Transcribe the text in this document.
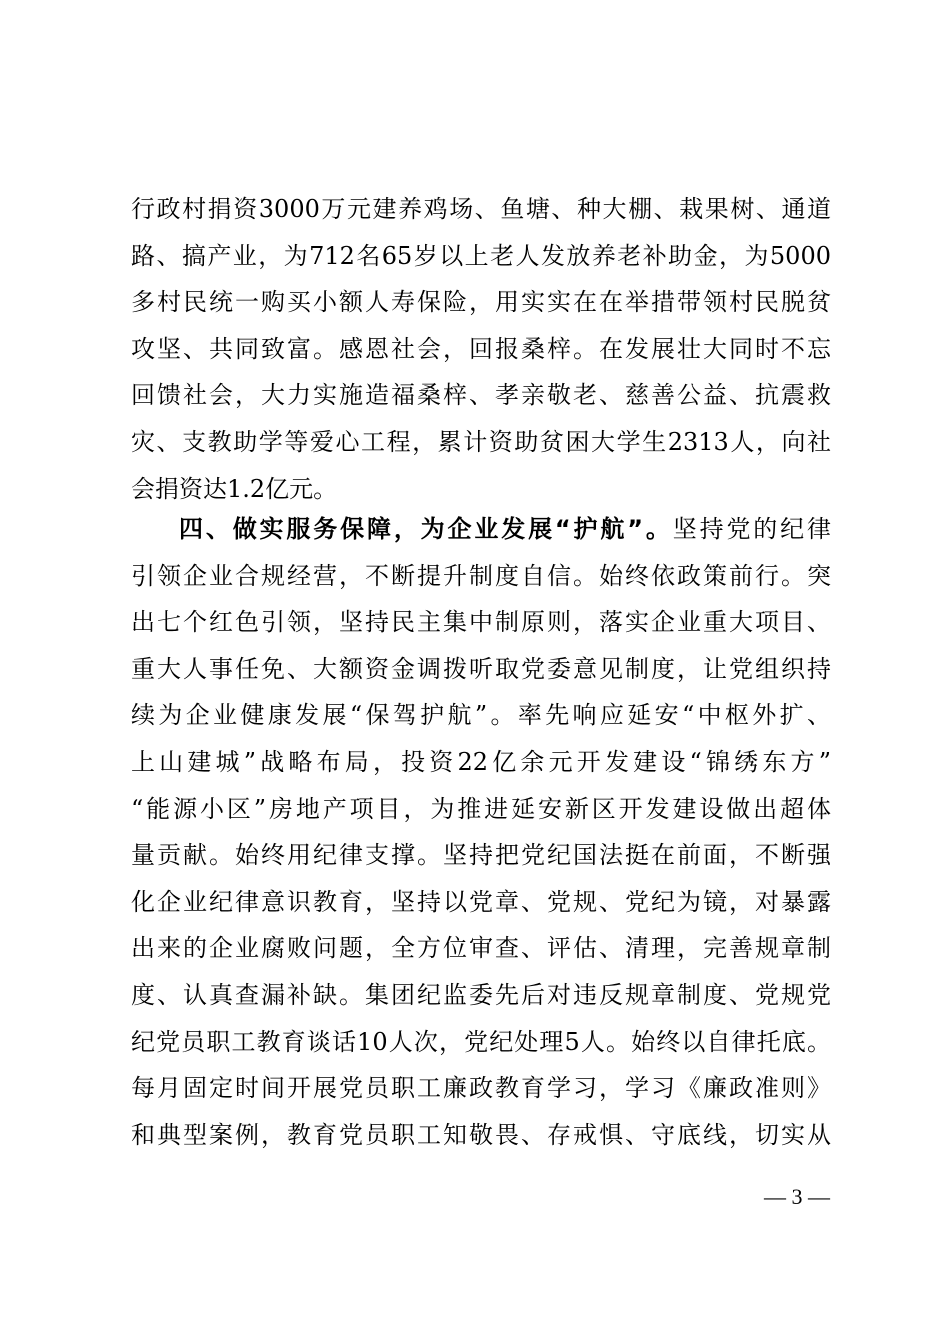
行政村捐资3000万元建养鸡场、鱼塘、种大棚、栽果树、通道
路、搞产业，为712名65岁以上老人发放养老补助金，为5000
多村民统一购买小额人寿保险，用实实在在举措带领村民脱贫
攻坚、共同致富。感恩社会，回报桑梓。在发展壮大同时不忘
回馈社会，大力实施造福桑梓、孝亲敬老、慈善公益、抗震救
灾、支教助学等爱心工程，累计资助贫困大学生2313人，向社
会捐资达1.2亿元。
四、做实服务保障，为企业发展“护航”。坚持党的纪律
引领企业合规经营，不断提升制度自信。始终依政策前行。突
出七个红色引领，坚持民主集中制原则，落实企业重大项目、
重大人事任免、大额资金调拨听取党委意见制度，让党组织持
续为企业健康发展“保驾护航”。率先响应延安“中枢外扩、
上山建城”战略布局，投资22亿余元开发建设“锦绣东方”
“能源小区”房地产项目，为推进延安新区开发建设做出超体
量贡献。始终用纪律支撑。坚持把党纪国法挺在前面，不断强
化企业纪律意识教育，坚持以党章、党规、党纪为镜，对暴露
出来的企业腐败问题，全方位审查、评估、清理，完善规章制
度、认真查漏补缺。集团纪监委先后对违反规章制度、党规党
纪党员职工教育谈话10人次，党纪处理5人。始终以自律托底。
每月固定时间开展党员职工廉政教育学习，学习《廉政准则》
和典型案例，教育党员职工知敬畏、存戒惧、守底线，切实从
— 3 —
